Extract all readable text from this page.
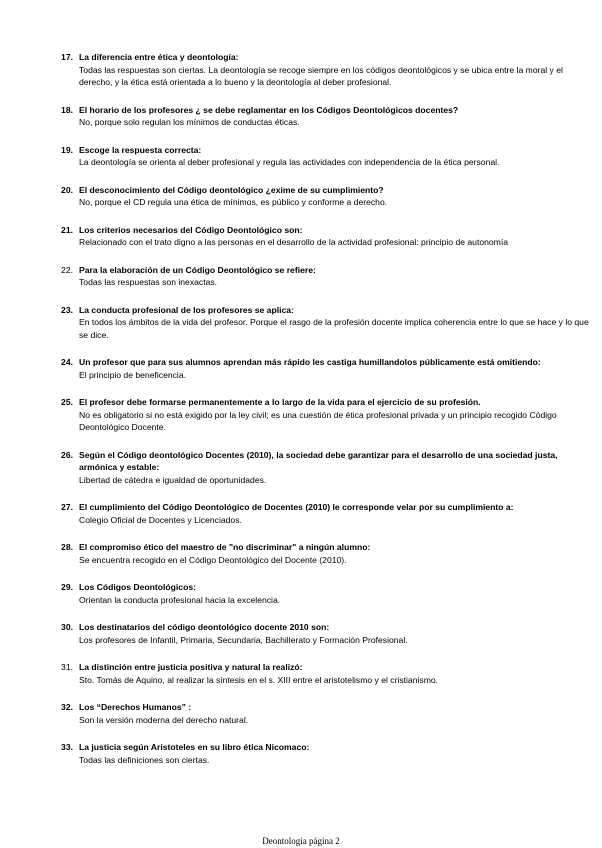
17. La diferencia entre ética y deontología:
Todas las respuestas son ciertas. La deontología se recoge siempre en los códigos deontológicos y se ubica entre la moral y el derecho, y la ética está orientada a lo bueno y la deontología al deber profesional.
18. El horario de los profesores ¿ se debe reglamentar en los Códigos Deontológicos docentes?
No, porque solo regulan los mínimos de conductas éticas.
19. Escoge la respuesta correcta:
La deontología se orienta al deber profesional y regula las actividades con independencia de la ética personal.
20. El desconocimiento del Código deontológico ¿exime de su cumplimiento?
No, porque el CD regula una ética de mínimos, es público y conforme a derecho.
21. Los criterios necesarios del Código Deontológico son:
Relacionado con el trato digno a las personas en el desarrollo de la actividad profesional: principio de autonomía
22. Para la elaboración de un Código Deontológico se refiere:
Todas las respuestas son inexactas.
23. La conducta profesional de los profesores se aplica:
En todos los ámbitos de la vida del profesor. Porque el rasgo de la profesión docente implica coherencia entre lo que se hace y lo que se dice.
24. Un profesor que para sus alumnos aprendan más rápido les castiga humillandolos públicamente está omitiendo:
El principio de beneficencia.
25. El profesor debe formarse permanentemente a lo largo de la vida para el ejercicio de su profesión.
No es obligatorio si no está exigido por la ley civil; es una cuestión de ética profesional privada y un principio recogido Código Deontológico Docente.
26. Según el Código deontológico Docentes (2010), la sociedad debe garantizar para el desarrollo de una sociedad justa, armónica y estable:
Libertad de cátedra e igualdad de oportunidades.
27. El cumplimiento del Código Deontológico de Docentes (2010) le corresponde velar por su cumplimiento a:
Colegio Oficial de Docentes y Licenciados.
28. El compromiso ético del maestro de "no discriminar" a ningún alumno:
Se encuentra recogido en el Código Deontológico del Docente (2010).
29. Los Códigos Deontológicos:
Orientan la conducta profesional hacia la excelencia.
30. Los destinatarios del código deontológico docente 2010 son:
Los profesores de Infantil, Primaria, Secundaria, Bachillerato y Formación Profesional.
31. La distinción entre justicia positiva y natural la realizó:
Sto. Tomás de Aquino, al realizar la síntesis en el s. XIII entre el aristotelismo y el cristianismo.
32. Los “Derechos Humanos” :
Son la versión moderna del derecho natural.
33. La justicia según Aristoteles en su libro ética Nicomaco:
Todas las definiciones son ciertas.
Deontologia página 2
